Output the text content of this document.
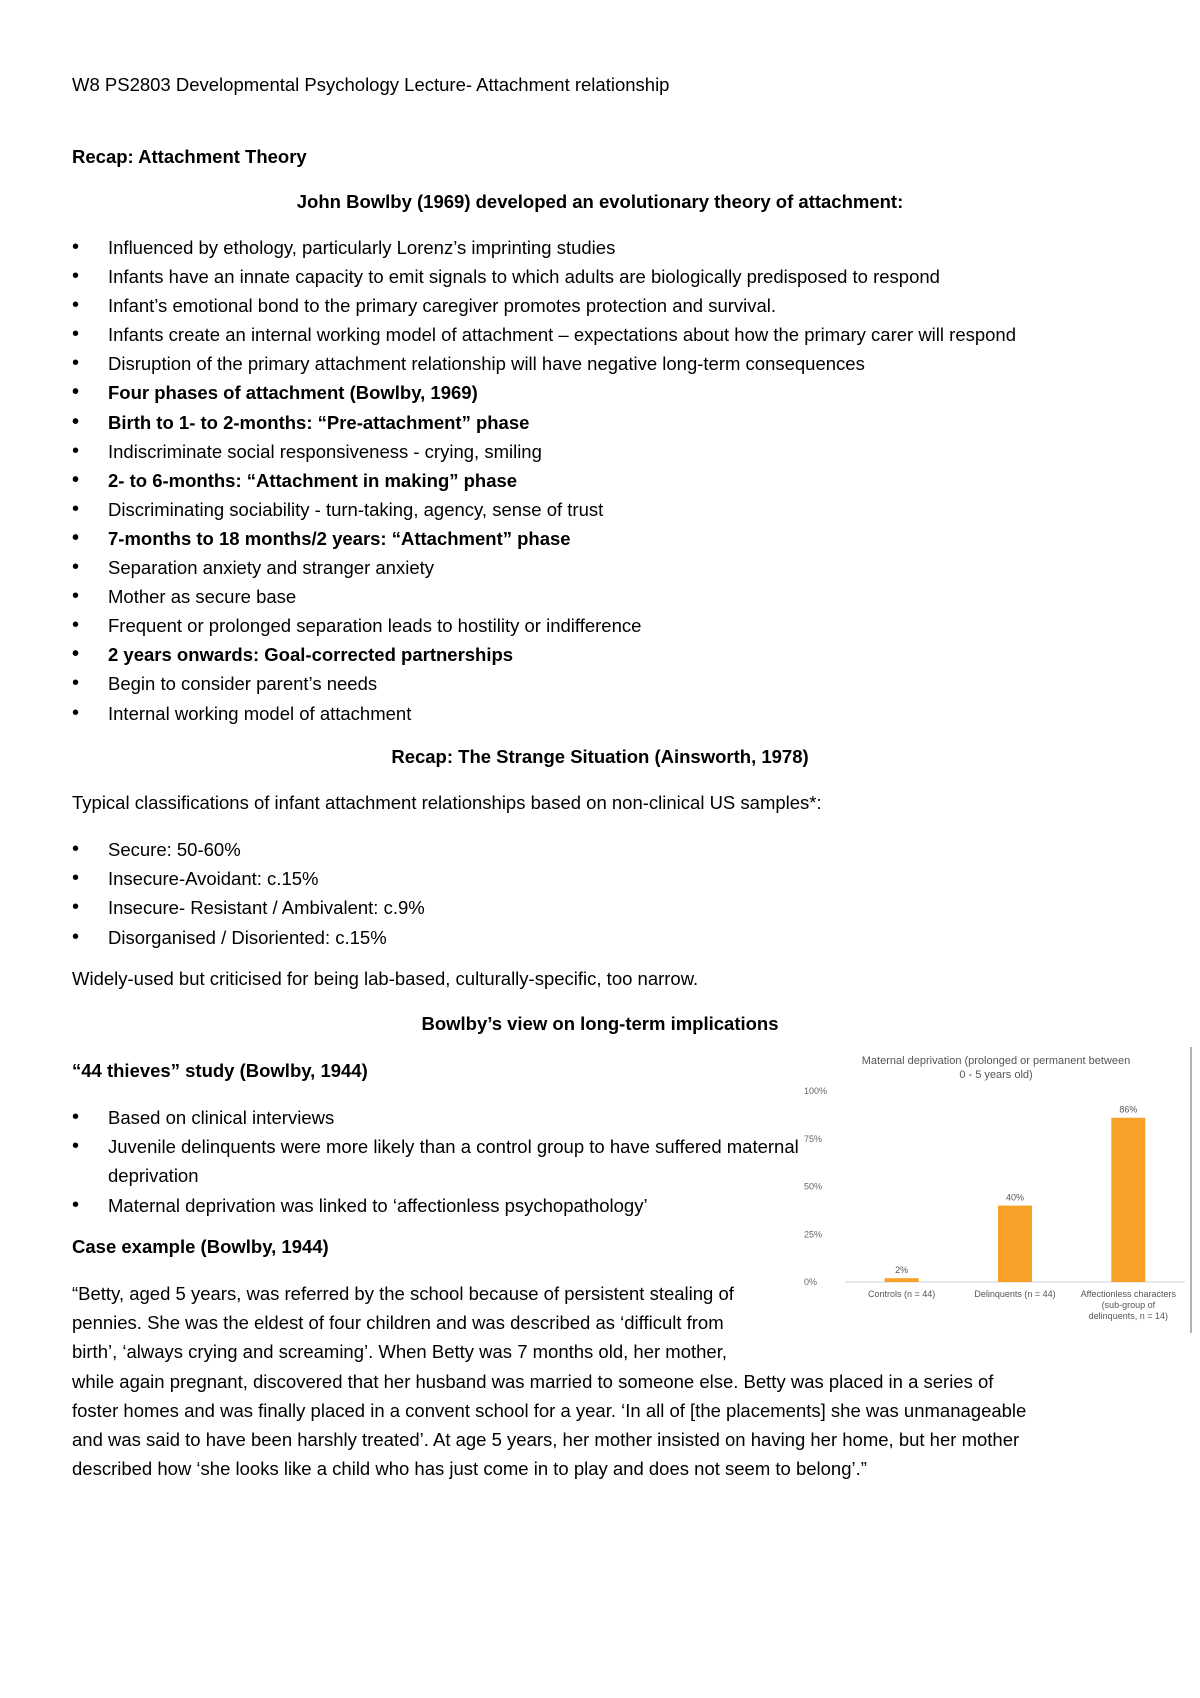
W8 PS2803 Developmental Psychology Lecture- Attachment relationship
Recap: Attachment Theory
John Bowlby (1969) developed an evolutionary theory of attachment:
• Influenced by ethology, particularly Lorenz’s imprinting studies
• Infants have an innate capacity to emit signals to which adults are biologically predisposed to respond
• Infant’s emotional bond to the primary caregiver promotes protection and survival.
• Infants create an internal working model of attachment – expectations about how the primary carer will respond
• Disruption of the primary attachment relationship will have negative long-term consequences
• Four phases of attachment (Bowlby, 1969)
• Birth to 1- to 2-months: “Pre-attachment” phase
• Indiscriminate social responsiveness - crying, smiling
• 2- to 6-months: “Attachment in making” phase
• Discriminating sociability - turn-taking, agency, sense of trust
• 7-months to 18 months/2 years: “Attachment” phase
• Separation anxiety and stranger anxiety
• Mother as secure base
• Frequent or prolonged separation leads to hostility or indifference
• 2 years onwards: Goal-corrected partnerships
• Begin to consider parent’s needs
• Internal working model of attachment
Recap: The Strange Situation (Ainsworth, 1978)
Typical classifications of infant attachment relationships based on non-clinical US samples*:
• Secure: 50-60%
• Insecure-Avoidant: c.15%
• Insecure- Resistant / Ambivalent: c.9%
• Disorganised / Disoriented: c.15%
Widely-used but criticised for being lab-based, culturally-specific, too narrow.
Bowlby’s view on long-term implications
“44 thieves” study (Bowlby, 1944)
• Based on clinical interviews
• Juvenile delinquents were more likely than a control group to have suffered maternal deprivation
• Maternal deprivation was linked to ‘affectionless psychopathology’
Case example (Bowlby, 1944)
“Betty, aged 5 years, was referred by the school because of persistent stealing of
pennies. She was the eldest of four children and was described as ‘difficult from
birth’, ‘always crying and screaming’. When Betty was 7 months old, her mother,
while again pregnant, discovered that her husband was married to someone else. Betty was placed in a series of
foster homes and was finally placed in a convent school for a year. ‘In all of [the placements] she was unmanageable
and was said to have been harshly treated’. At age 5 years, her mother insisted on having her home, but her mother
described how ‘she looks like a child who has just come in to play and does not seem to belong’.”
Maternal deprivation (prolonged or permanent between 0 - 5 years old)
0%
25%
50%
75%
100%
2%
Controls (n = 44)
40%
Delinquents (n = 44)
86%
Affectionless characters
(sub-group of
delinquents, n = 14)
